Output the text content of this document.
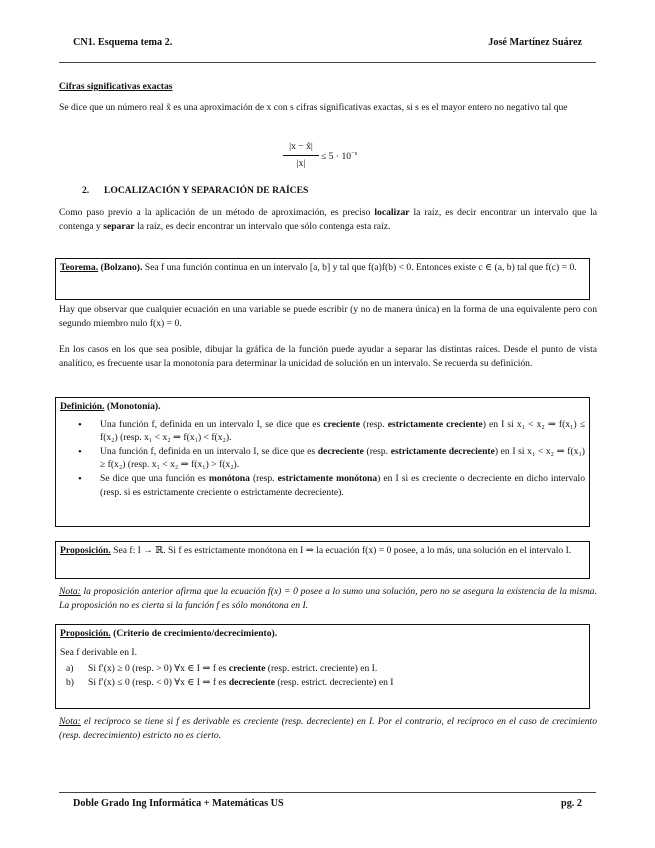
CN1. Esquema tema 2.	José Martínez Suárez
Cifras significativas exactas

Se dice que un número real x̃ es una aproximación de x con s cifras significativas exactas, si s es el mayor entero no negativo tal que

$\frac{|x - x̃|}{|x|} \le 5 \cdot 10^{-s}$
2. LOCALIZACIÓN Y SEPARACIÓN DE RAÍCES

Como paso previo a la aplicación de un método de aproximación, es preciso localizar la raíz, es decir encontrar un intervalo que la contenga y separar la raíz, es decir encontrar un intervalo que sólo contenga esta raíz.

Teorema. (Bolzano). Sea f una función continua en un intervalo [a, b] y tal que f(a)f(b) < 0. Entonces existe c ∈ (a, b) tal que f(c) = 0.

Hay que observar que cualquier ecuación en una variable se puede escribir (y no de manera única) en la forma de una equivalente pero con segundo miembro nulo f(x) = 0.

En los casos en los que sea posible, dibujar la gráfica de la función puede ayudar a separar las distintas raíces. Desde el punto de vista analítico, es frecuente usar la monotonía para determinar la unicidad de solución en un intervalo. Se recuerda su definición.

Definición. (Monotonía).

• Una función f, definida en un intervalo I, se dice que es creciente (resp. estrictamente creciente) en I si x₁ < x₂ ⇒ f(x₁) ≤ f(x₂) (resp. x₁ < x₂ ⇒ f(x₁) < f(x₂).
• Una función f, definida en un intervalo I, se dice que es decreciente (resp. estrictamente decreciente) en I si x₁ < x₂ ⇒ f(x₁) ≥ f(x₂) (resp. x₁ < x₂ ⇒ f(x₁) > f(x₂).
• Se dice que una función es monótona (resp. estrictamente monótona) en I si es creciente o decreciente en dicho intervalo (resp. si es estrictamente creciente o estrictamente decreciente).

Proposición. Sea f: I → ℝ. Si f es estrictamente monótona en I ⇒ la ecuación f(x) = 0 posee, a lo más, una solución en el intervalo I.

Nota: la proposición anterior afirma que la ecuación f(x) = 0 posee a lo sumo una solución, pero no se asegura la existencia de la misma. La proposición no es cierta si la función f es sólo monótona en I.

Proposición. (Criterio de crecimiento/decrecimiento).

Sea f derivable en I.

a) Si f′(x) ≥ 0 (resp. > 0) ∀x ∈ I ⇒ f es creciente (resp. estrict. creciente) en I.
b) Si f′(x) ≤ 0 (resp. < 0) ∀x ∈ I ⇒ f es decreciente (resp. estrict. decreciente) en I

Nota: el recíproco se tiene si f es derivable es creciente (resp. decreciente) en I. Por el contrario, el recíproco en el caso de crecimiento (resp. decrecimiento) estricto no es cierto.

Doble Grado Ing Informática + Matemáticas US	pg. 2
